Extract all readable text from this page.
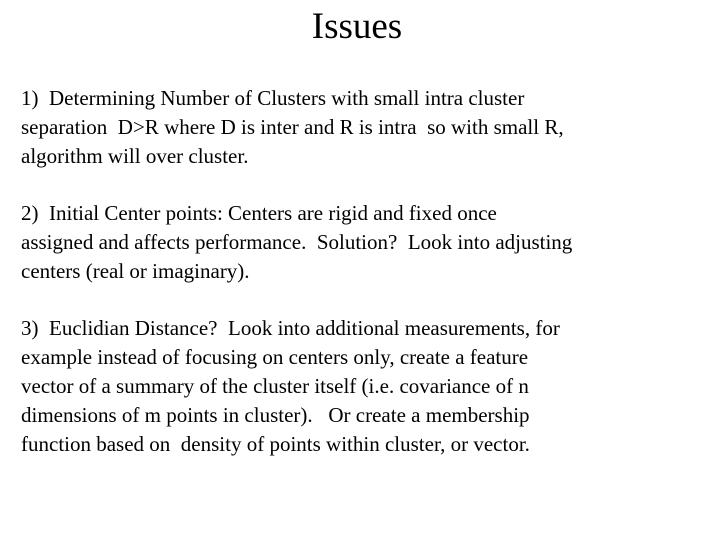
Issues

1)  Determining Number of Clusters with small intra cluster
separation  D>R where D is inter and R is intra  so with small R,
algorithm will over cluster.

2)  Initial Center points: Centers are rigid and fixed once
assigned and affects performance.  Solution?  Look into adjusting
centers (real or imaginary).

3)  Euclidian Distance?  Look into additional measurements, for
example instead of focusing on centers only, create a feature
vector of a summary of the cluster itself (i.e. covariance of n
dimensions of m points in cluster).   Or create a membership
function based on  density of points within cluster, or vector.
